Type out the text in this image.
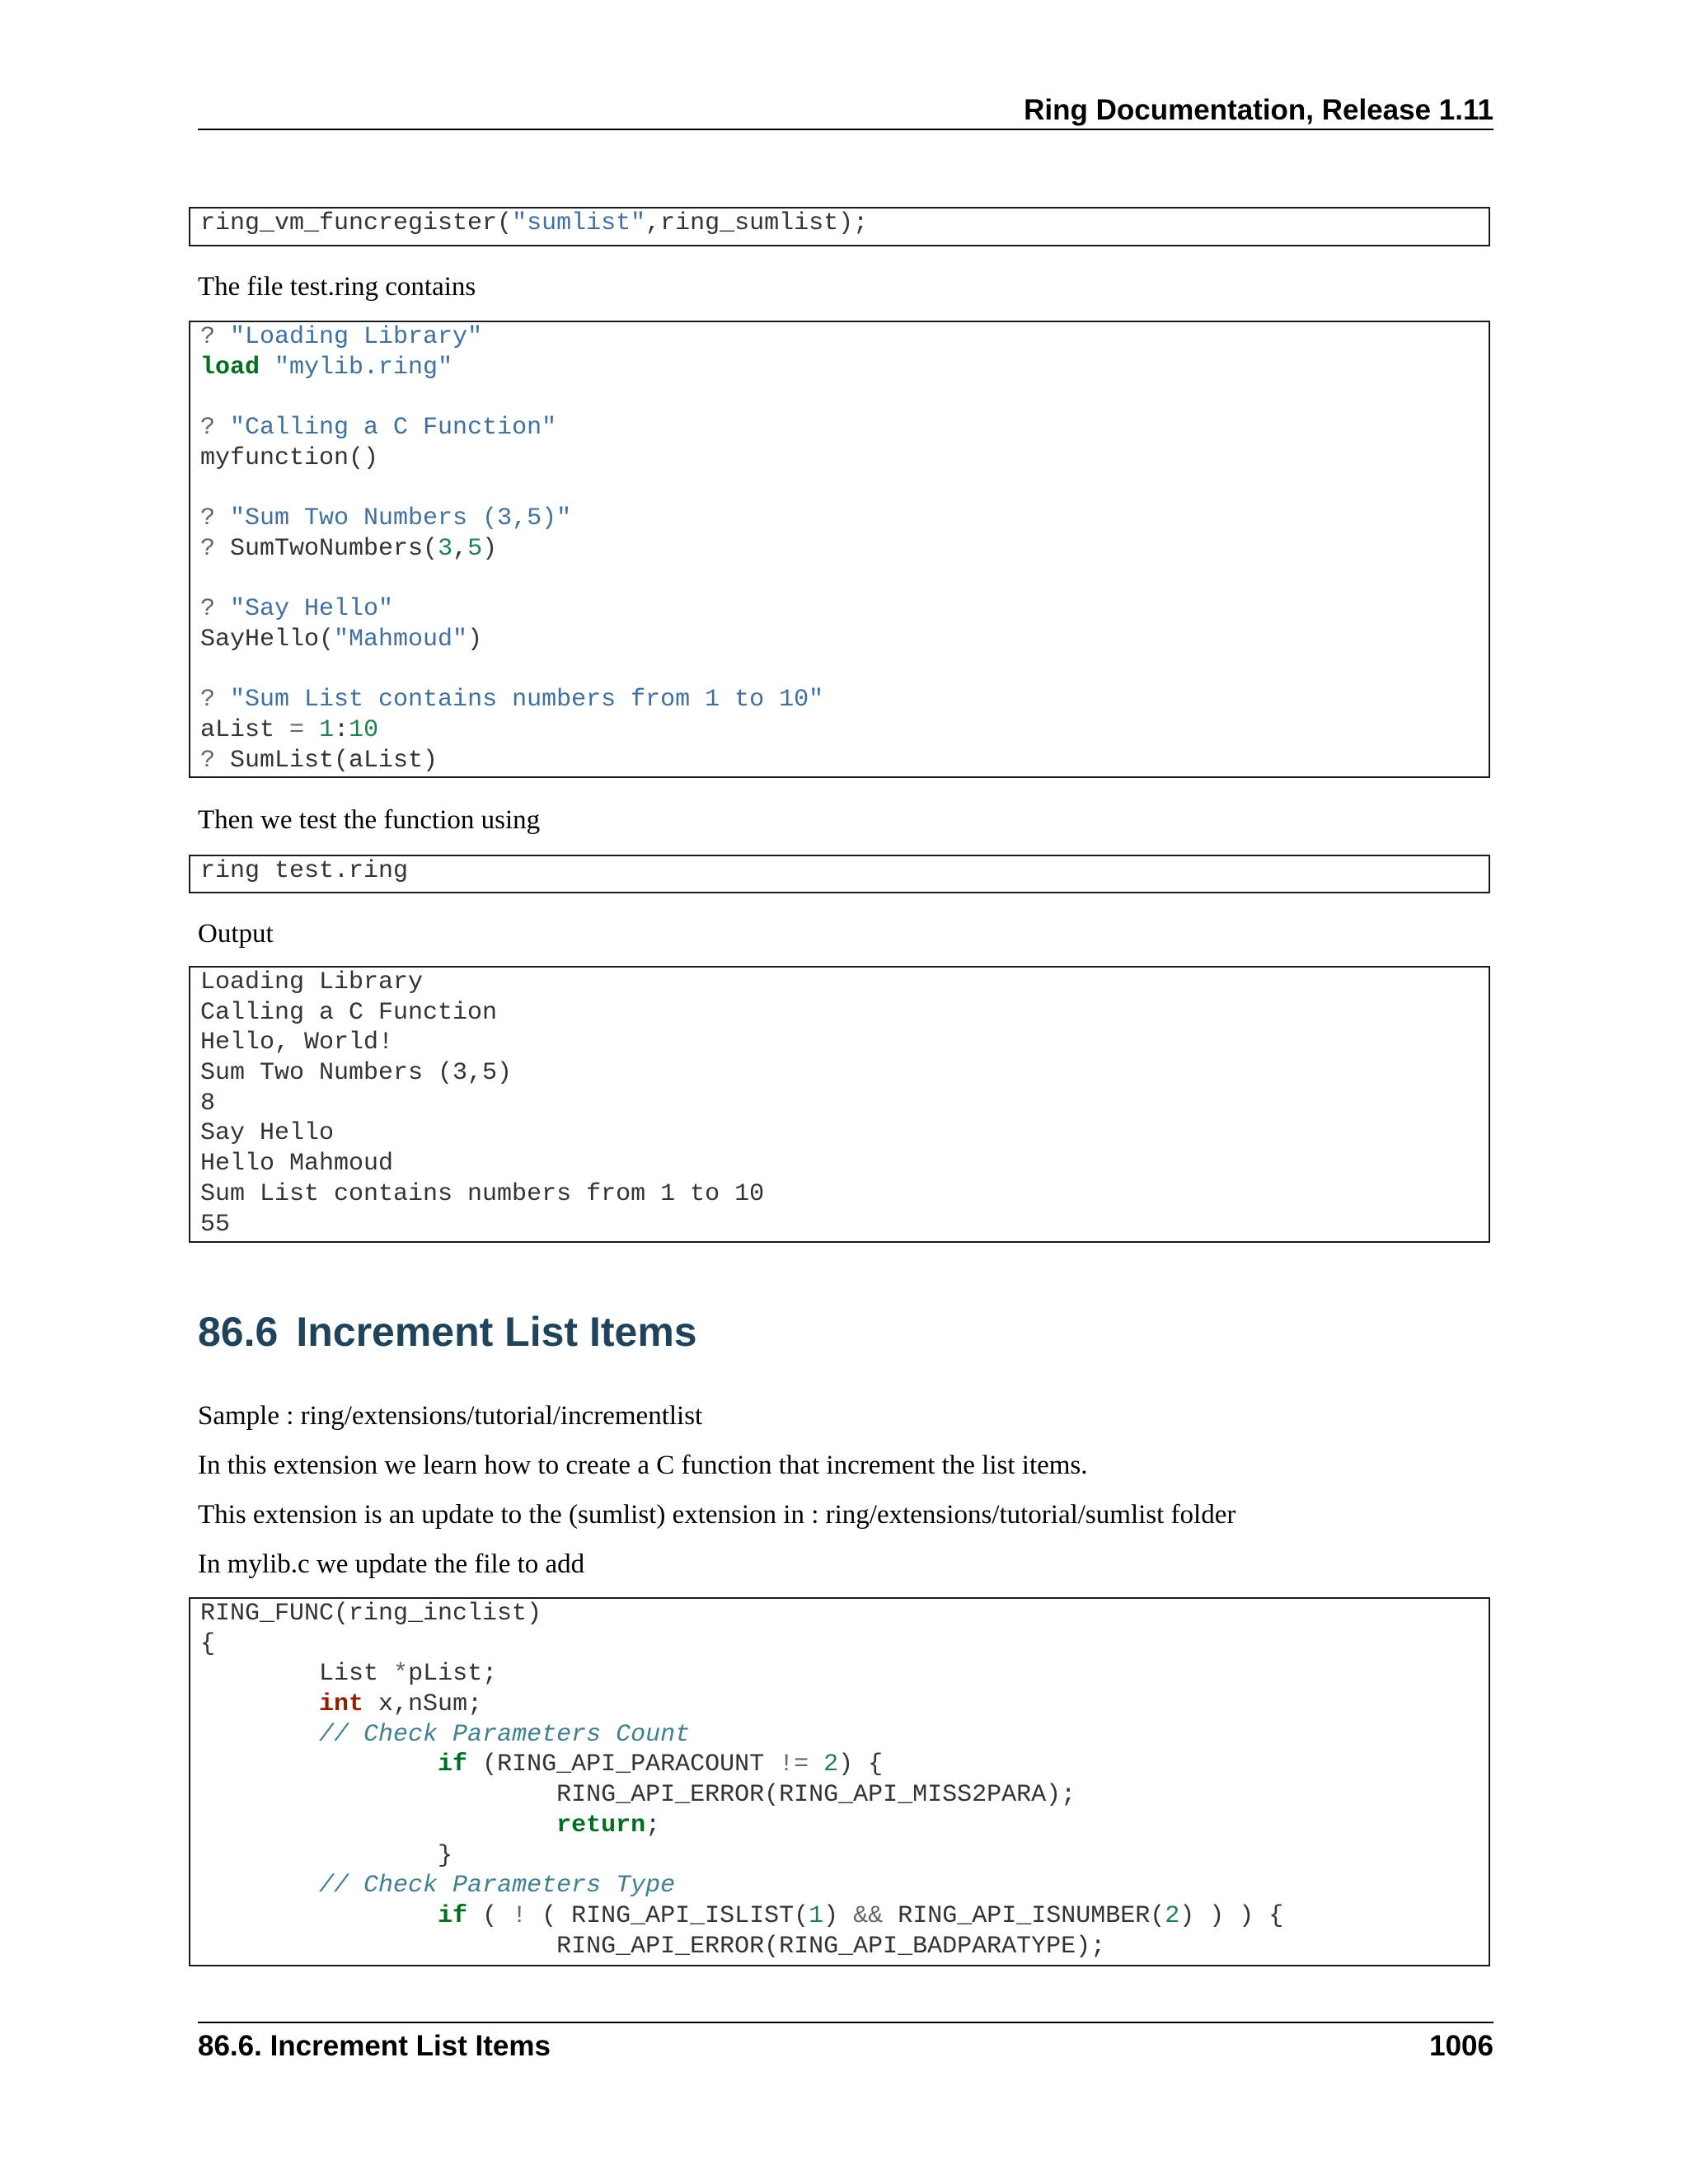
Ring Documentation, Release 1.11
ring_vm_funcregister("sumlist",ring_sumlist);
The file test.ring contains
? "Loading Library"
load "mylib.ring"
? "Calling a C Function"
myfunction()
? "Sum Two Numbers (3,5)"
? SumTwoNumbers(3,5)
? "Say Hello"
SayHello("Mahmoud")
? "Sum List contains numbers from 1 to 10"
aList = 1:10
? SumList(aList)
Then we test the function using
ring test.ring
Output
Loading Library
Calling a C Function
Hello, World!
Sum Two Numbers (3,5)
8
Say Hello
Hello Mahmoud
Sum List contains numbers from 1 to 10
55
86.6 Increment List Items
Sample : ring/extensions/tutorial/incrementlist
In this extension we learn how to create a C function that increment the list items.
This extension is an update to the (sumlist) extension in : ring/extensions/tutorial/sumlist folder
In mylib.c we update the file to add
RING_FUNC(ring_inclist)
{
List *pList;
int x,nSum;
// Check Parameters Count
if (RING_API_PARACOUNT != 2) {
RING_API_ERROR(RING_API_MISS2PARA);
return;
}
// Check Parameters Type
if ( ! ( RING_API_ISLIST(1) && RING_API_ISNUMBER(2) ) ) {
RING_API_ERROR(RING_API_BADPARATYPE);
86.6. Increment List Items	1006
